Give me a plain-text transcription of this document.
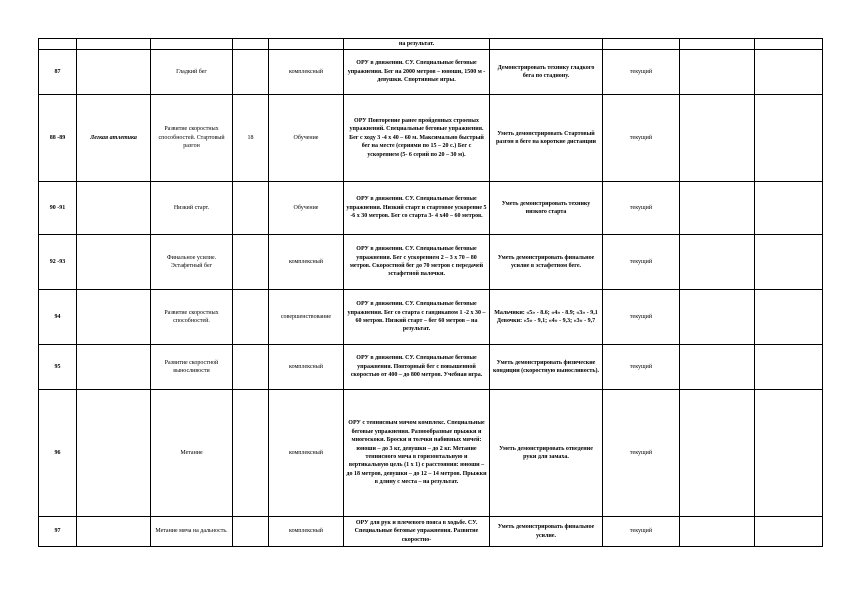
					на результат.				
87		Гладкий бег		комплексный	ОРУ в движении. СУ. Специальные беговые упражнения. Бег на 2000 метров – юноши, 1500 м - девушки. Спортивные игры.	Демонстрировать технику гладкого бега по стадиону.	текущий		
88 -89	Легкая атлетика	Развитие скоростных способностей. Стартовый разгон	18	Обучение	ОРУ Повторение ранее пройденных строевых упражнений. Специальные беговые упражнения. Бег с ходу 3 -4 х 40 – 60 м. Максимально быстрый бег на месте (сериями по 15 – 20 с.) Бег с ускорением (5- 6 серий по 20 – 30 м).	Уметь демонстрировать Стартовый разгон в беге на короткие дистанции	текущий		
90 -91		Низкий старт.		Обучение	ОРУ в движении. СУ. Специальные беговые упражнения. Низкий старт и стартовое ускорение 5 -6 х 30 метров. Бег со старта 3- 4 х40 – 60 метров.	Уметь демонстрировать технику низкого старта	текущий		
92 -93		Финальное усилие. Эстафетный бег		комплексный	ОРУ в движении. СУ. Специальные беговые упражнения. Бег с ускорением 2 – 3 х 70 – 80 метров. Скоростной бег до 70 метров с передачей эстафетной палочки.	Уметь демонстрировать финальное усилие в эстафетном беге.	текущий		
94		Развитие скоростных способностей.		совершенствование	ОРУ в движении. СУ. Специальные беговые упражнения. Бег со старта с гандикапом 1 -2 х 30 – 60 метров. Низкий старт – бег 60 метров – на результат.	Мальчики: «5» - 8.6; «4» - 8.9; «3» - 9,1 Девочки: «5» - 9,1; «4» - 9,3; «3» - 9,7	текущий		
95		Развитие скоростной выносливости		комплексный	ОРУ в движении. СУ. Специальные беговые упражнения. Повторный бег с повышенной скоростью от 400 – до 800 метров. Учебная игра.	Уметь демонстрировать физические кондиции (скоростную выносливость).	текущий		
96		Метание		комплексный	ОРУ с теннисным мячом комплекс. Специальные беговые упражнения. Разнообразные прыжки и многоскоки. Броски и толчки набивных мячей: юноши – до 3 кг, девушки – до 2 кг. Метание теннисного мяча в горизонтальную и вертикальную цель (1 х 1) с расстояния: юноши – до 18 метров, девушки – до 12 – 14 метров. Прыжки в длину с места – на результат.	Уметь демонстрировать отведение руки для замаха.	текущий		
97		Метание мяча на дальность.		комплексный	ОРУ для рук и плечевого пояса в ходьбе. СУ. Специальные беговые упражнения. Развитие скоростно-	Уметь демонстрировать финальное усилие.	текущий		
